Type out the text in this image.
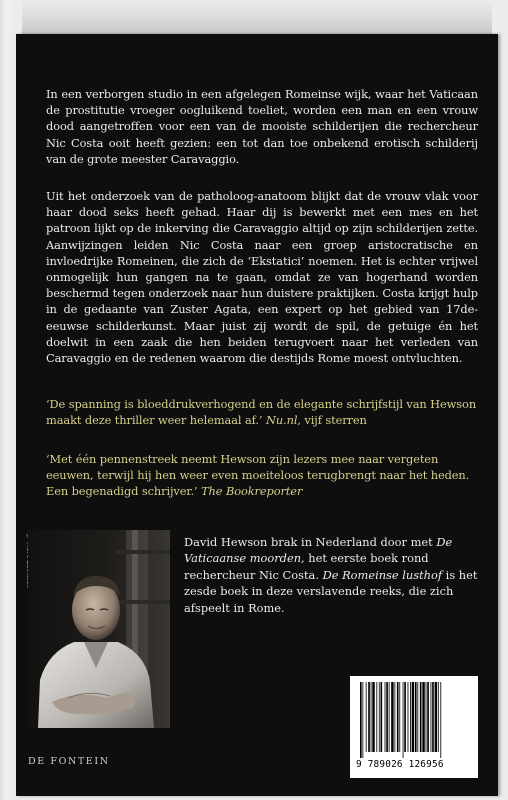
In een verborgen studio in een afgelegen Romeinse wijk, waar het Vaticaan de prostitutie vroeger oogluikend toeliet, worden een man en een vrouw dood aangetroffen voor een van de mooiste schilderijen die rechercheur Nic Costa ooit heeft gezien: een tot dan toe onbekend erotisch schilderij van de grote meester Caravaggio.

Uit het onderzoek van de patholoog-anatoom blijkt dat de vrouw vlak voor haar dood seks heeft gehad. Haar dij is bewerkt met een mes en het patroon lijkt op de inkerving die Caravaggio altijd op zijn schilderijen zette. Aanwijzingen leiden Nic Costa naar een groep aristocratische en invloedrijke Romeinen, die zich de ‘Ekstatici’ noemen. Het is echter vrijwel onmogelijk hun gangen na te gaan, omdat ze van hogerhand worden beschermd tegen onderzoek naar hun duistere praktijken. Costa krijgt hulp in de gedaante van Zuster Agata, een expert op het gebied van 17de-eeuwse schilderkunst. Maar juist zij wordt de spil, de getuige én het doelwit in een zaak die hen beiden terugvoert naar het verleden van Caravaggio en de redenen waarom die destijds Rome moest ontvluchten.

‘De spanning is bloeddrukverhogend en de elegante schrijfstijl van Hewson maakt deze thriller weer helemaal af.’ Nu.nl, vijf sterren

‘Met één pennenstreek neemt Hewson zijn lezers mee naar vergeten eeuwen, terwijl hij hen weer even moeiteloos terugbrengt naar het heden. Een begenadigd schrijver.’ The Bookreporter

David Hewson brak in Nederland door met De Vaticaanse moorden, het eerste boek rond rechercheur Nic Costa. De Romeinse lusthof is het zesde boek in deze verslavende reeks, die zich afspeelt in Rome.

DE FONTEIN	9 789026 126956
